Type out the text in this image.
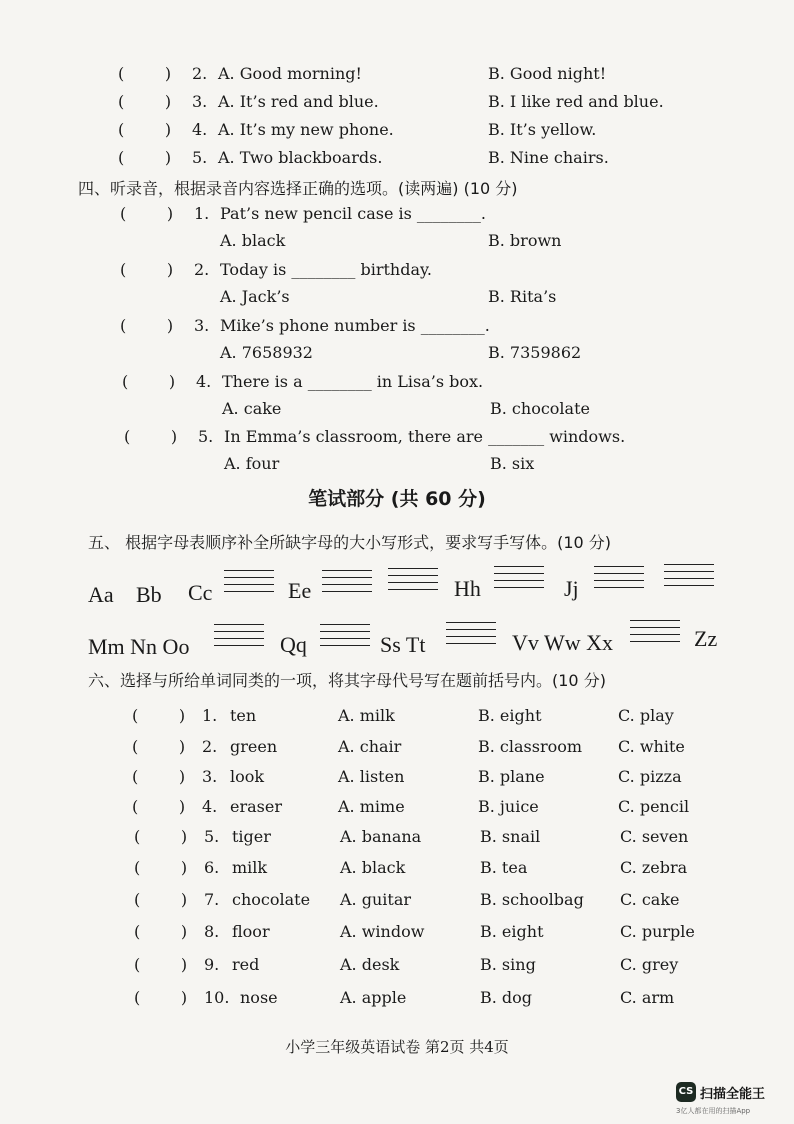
(        ) 2. A. Good morning!	B. Good night!
(        ) 3. A. It’s red and blue.	B. I like red and blue.
(        ) 4. A. It’s my new phone.	B. It’s yellow.
(        ) 5. A. Two blackboards.	B. Nine chairs.
四、听录音，根据录音内容选择正确的选项。(读两遍) (10 分)
(        ) 1. Pat’s new pencil case is ________.
A. black	B. brown
(        ) 2. Today is ________ birthday.
A. Jack’s	B. Rita’s
(        ) 3. Mike’s phone number is ________.
A. 7658932	B. 7359862
(        ) 4. There is a ________ in Lisa’s box.
A. cake	B. chocolate
(        ) 5. In Emma’s classroom, there are _______ windows.
A. four	B. six
笔试部分 (共 60 分)
五、 根据字母表顺序补全所缺字母的大小写形式，要求写手写体。(10 分)
Aa Bb Cc	Ee	Hh	Jj
Mm Nn Oo	Qq	Ss Tt	Vv Ww Xx	Zz
六、选择与所给单词同类的一项，将其字母代号写在题前括号内。(10 分)
(        ) 1. ten	A. milk	B. eight	C. play
(        ) 2. green	A. chair	B. classroom C. white
(        ) 3. look	A. listen	B. plane	C. pizza
(        ) 4. eraser	A. mime	B. juice	C. pencil
(        ) 5. tiger	A. banana	B. snail	C. seven
(        ) 6. milk	A. black	B. tea	C. zebra
(        ) 7. chocolate A. guitar	B. schoolbag C. cake
(        ) 8. floor	A. window	B. eight	C. purple
(        ) 9. red	A. desk	B. sing	C. grey
(        ) 10. nose	A. apple	B. dog	C. arm
小学三年级英语试卷 第2页 共4页
CS 扫描全能王
3亿人都在用的扫描App
